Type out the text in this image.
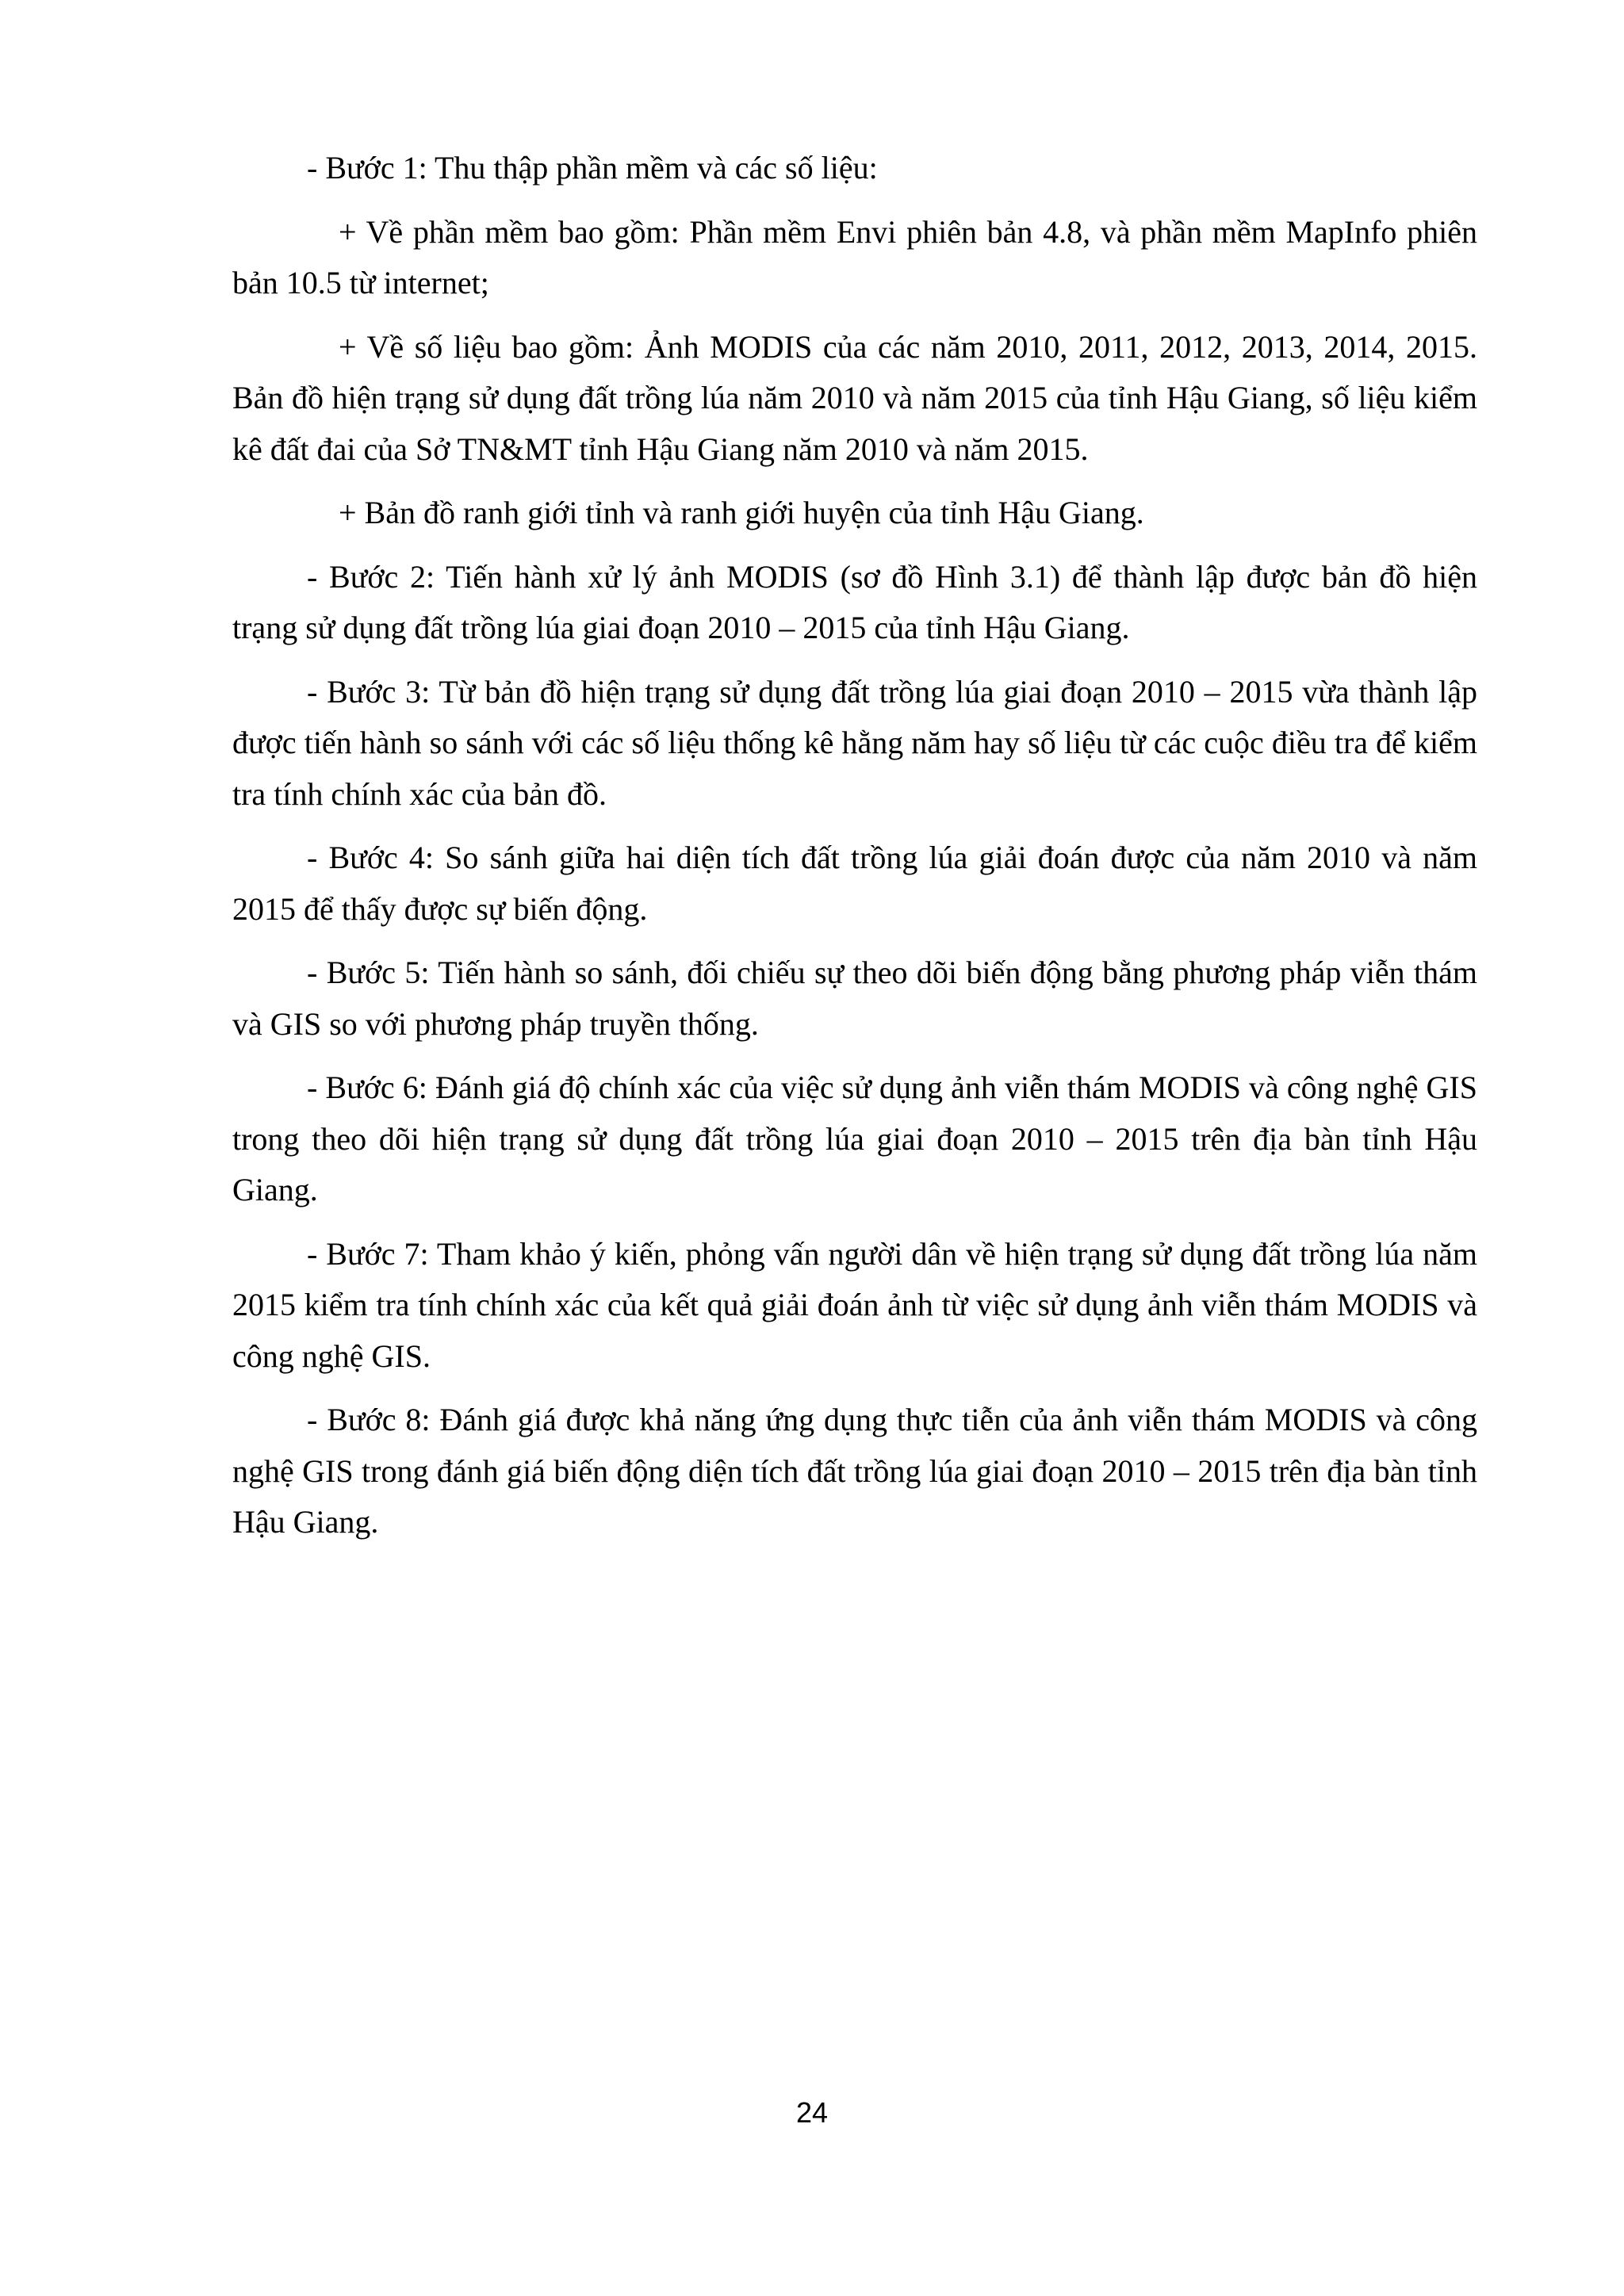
- Bước 1: Thu thập phần mềm và các số liệu:

+ Về phần mềm bao gồm: Phần mềm Envi phiên bản 4.8, và phần mềm MapInfo phiên bản 10.5 từ internet;

+ Về số liệu bao gồm: Ảnh MODIS của các năm 2010, 2011, 2012, 2013, 2014, 2015. Bản đồ hiện trạng sử dụng đất trồng lúa năm 2010 và năm 2015 của tỉnh Hậu Giang, số liệu kiểm kê đất đai của Sở TN&MT tỉnh Hậu Giang năm 2010 và năm 2015.

+ Bản đồ ranh giới tỉnh và ranh giới huyện của tỉnh Hậu Giang.

- Bước 2: Tiến hành xử lý ảnh MODIS (sơ đồ Hình 3.1) để thành lập được bản đồ hiện trạng sử dụng đất trồng lúa giai đoạn 2010 – 2015 của tỉnh Hậu Giang.

- Bước 3: Từ bản đồ hiện trạng sử dụng đất trồng lúa giai đoạn 2010 – 2015 vừa thành lập được tiến hành so sánh với các số liệu thống kê hằng năm hay số liệu từ các cuộc điều tra để kiểm tra tính chính xác của bản đồ.

- Bước 4: So sánh giữa hai diện tích đất trồng lúa giải đoán được của năm 2010 và năm 2015 để thấy được sự biến động.

- Bước 5: Tiến hành so sánh, đối chiếu sự theo dõi biến động bằng phương pháp viễn thám và GIS so với phương pháp truyền thống.

- Bước 6: Đánh giá độ chính xác của việc sử dụng ảnh viễn thám MODIS và công nghệ GIS trong theo dõi hiện trạng sử dụng đất trồng lúa giai đoạn 2010 – 2015 trên địa bàn tỉnh Hậu Giang.

- Bước 7: Tham khảo ý kiến, phỏng vấn người dân về hiện trạng sử dụng đất trồng lúa năm 2015 kiểm tra tính chính xác của kết quả giải đoán ảnh từ việc sử dụng ảnh viễn thám MODIS và công nghệ GIS.

- Bước 8: Đánh giá được khả năng ứng dụng thực tiễn của ảnh viễn thám MODIS và công nghệ GIS trong đánh giá biến động diện tích đất trồng lúa giai đoạn 2010 – 2015 trên địa bàn tỉnh Hậu Giang.

24
